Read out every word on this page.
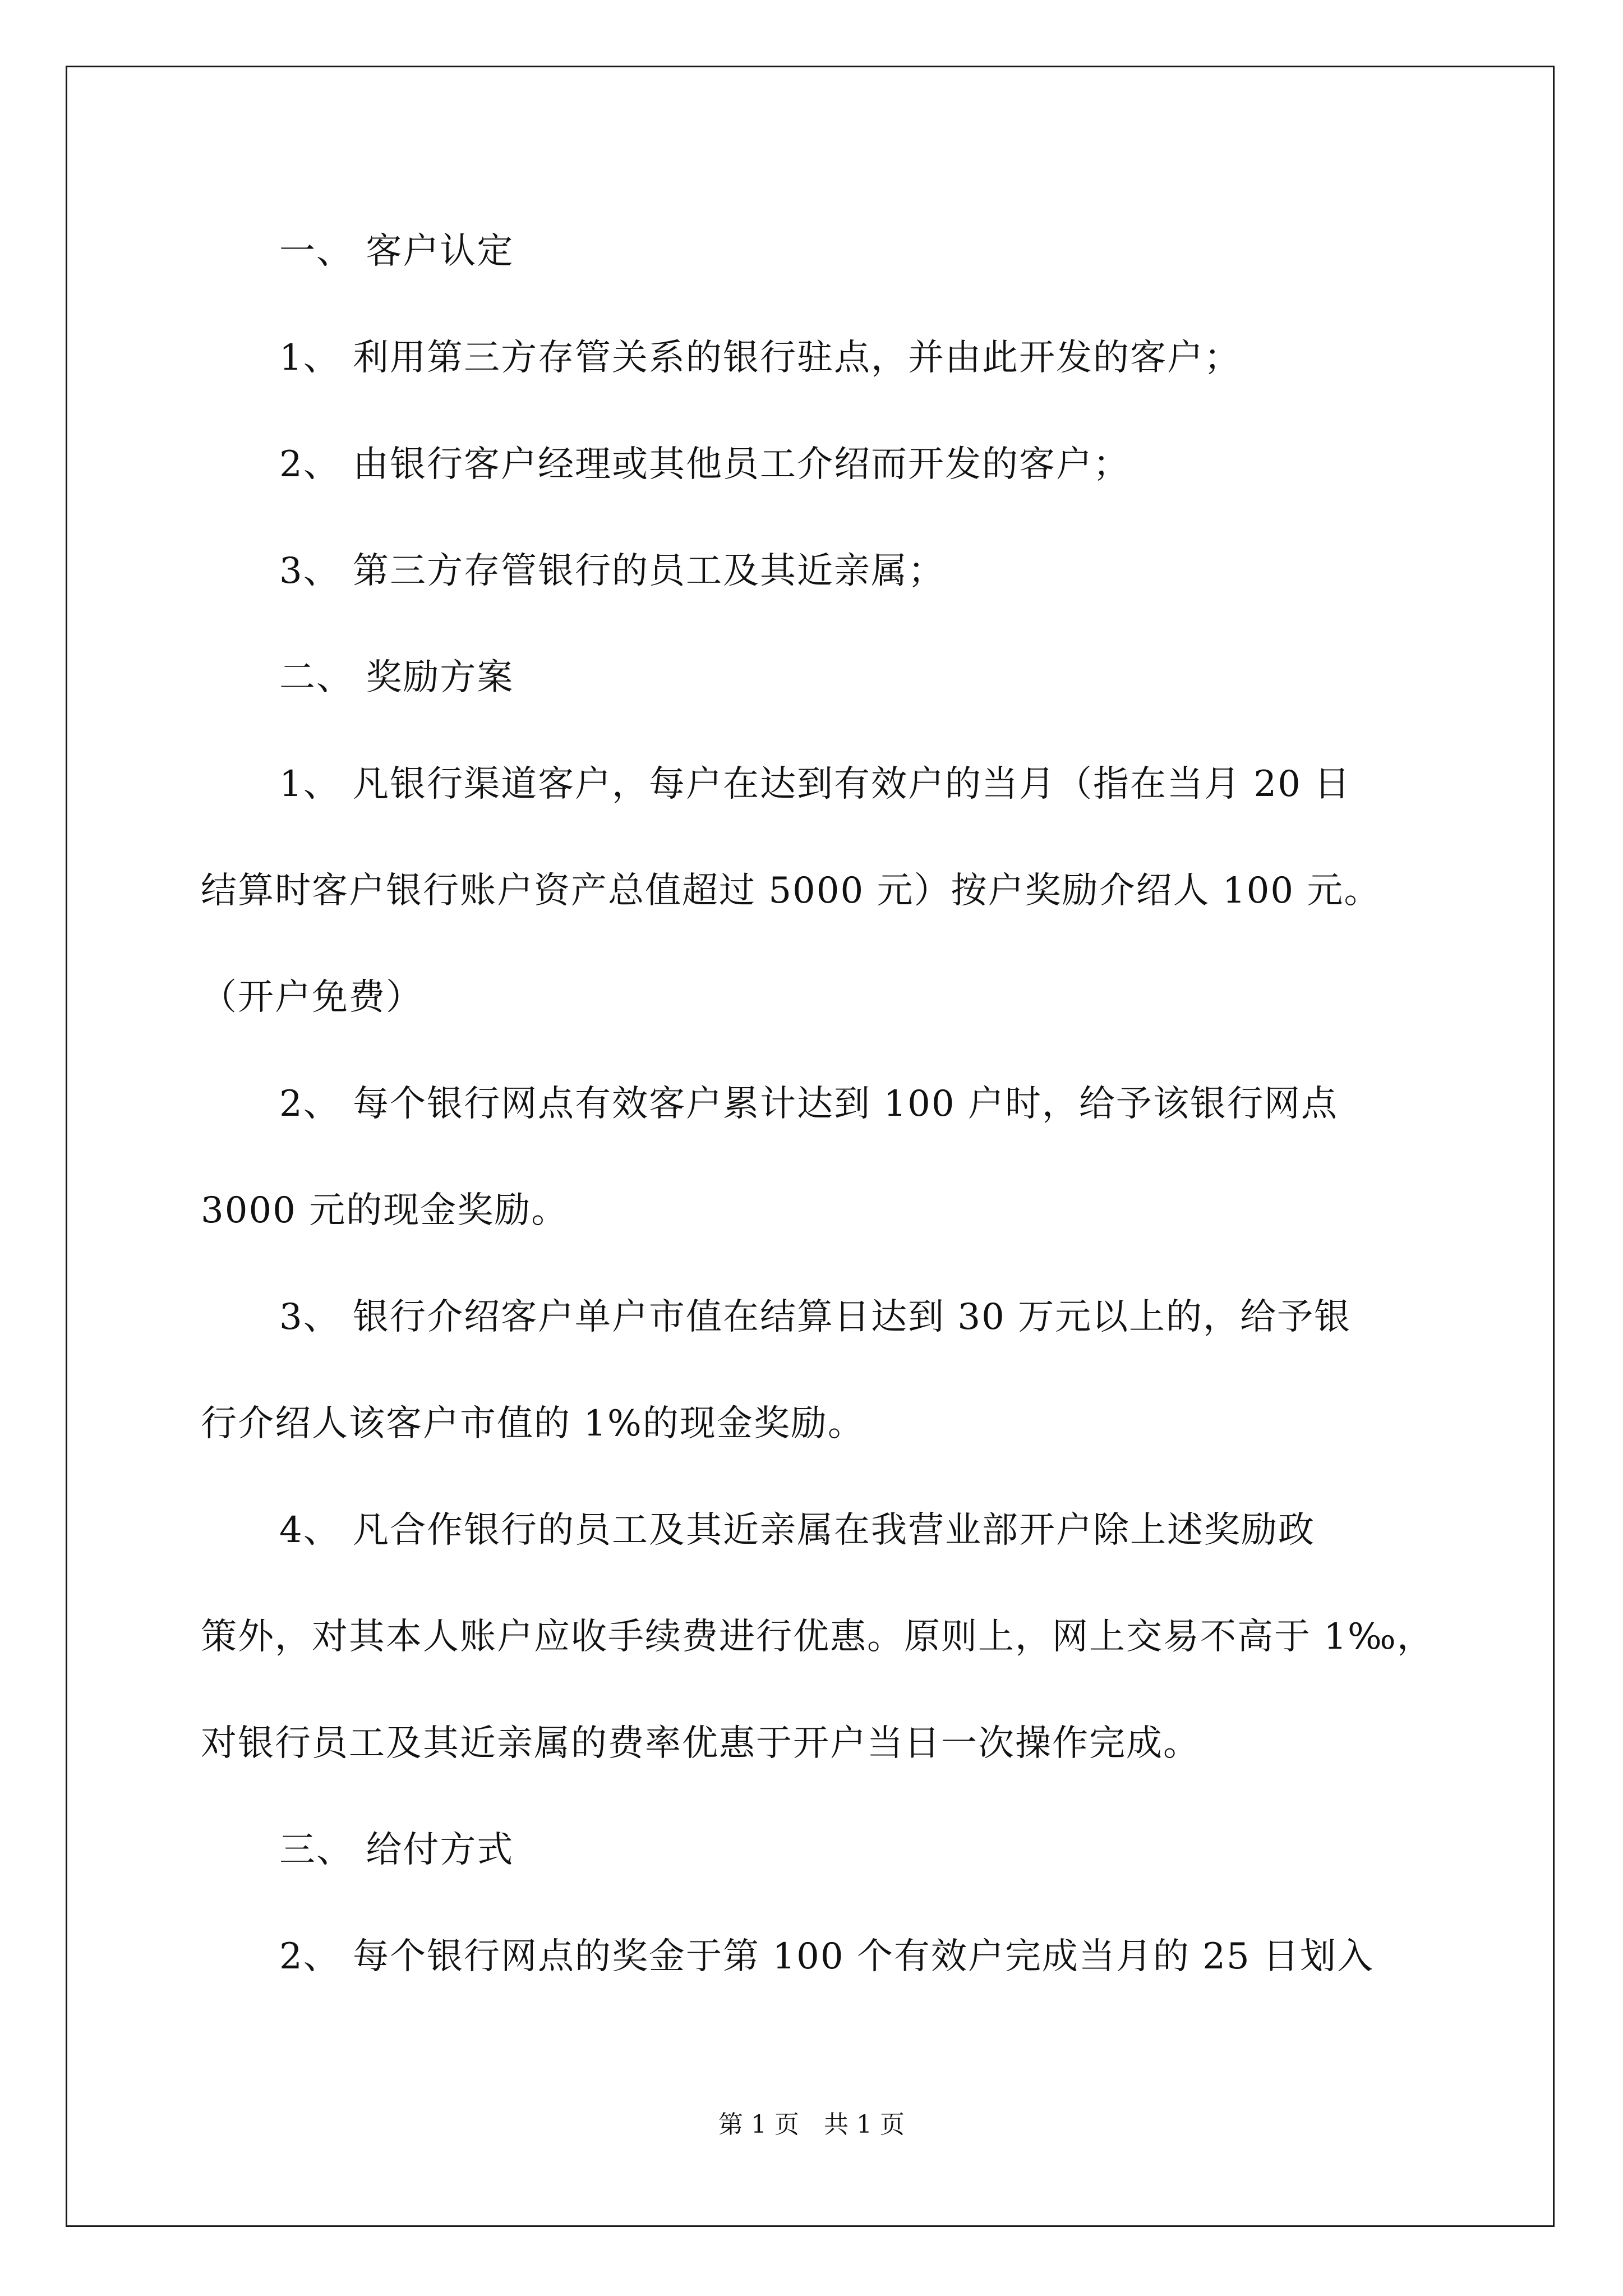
一、 客户认定
1、 利用第三方存管关系的银行驻点，并由此开发的客户；
2、 由银行客户经理或其他员工介绍而开发的客户；
3、 第三方存管银行的员工及其近亲属；
二、 奖励方案
1、 凡银行渠道客户，每户在达到有效户的当月（指在当月 20 日
结算时客户银行账户资产总值超过 5000 元）按户奖励介绍人 100 元。
（开户免费）
2、 每个银行网点有效客户累计达到 100 户时，给予该银行网点
3000 元的现金奖励。
3、 银行介绍客户单户市值在结算日达到 30 万元以上的，给予银
行介绍人该客户市值的 1%的现金奖励。
4、 凡合作银行的员工及其近亲属在我营业部开户除上述奖励政
策外，对其本人账户应收手续费进行优惠。原则上，网上交易不高于 1‰，
对银行员工及其近亲属的费率优惠于开户当日一次操作完成。
三、 给付方式
2、 每个银行网点的奖金于第 100 个有效户完成当月的 25 日划入
第 1 页　共 1 页
